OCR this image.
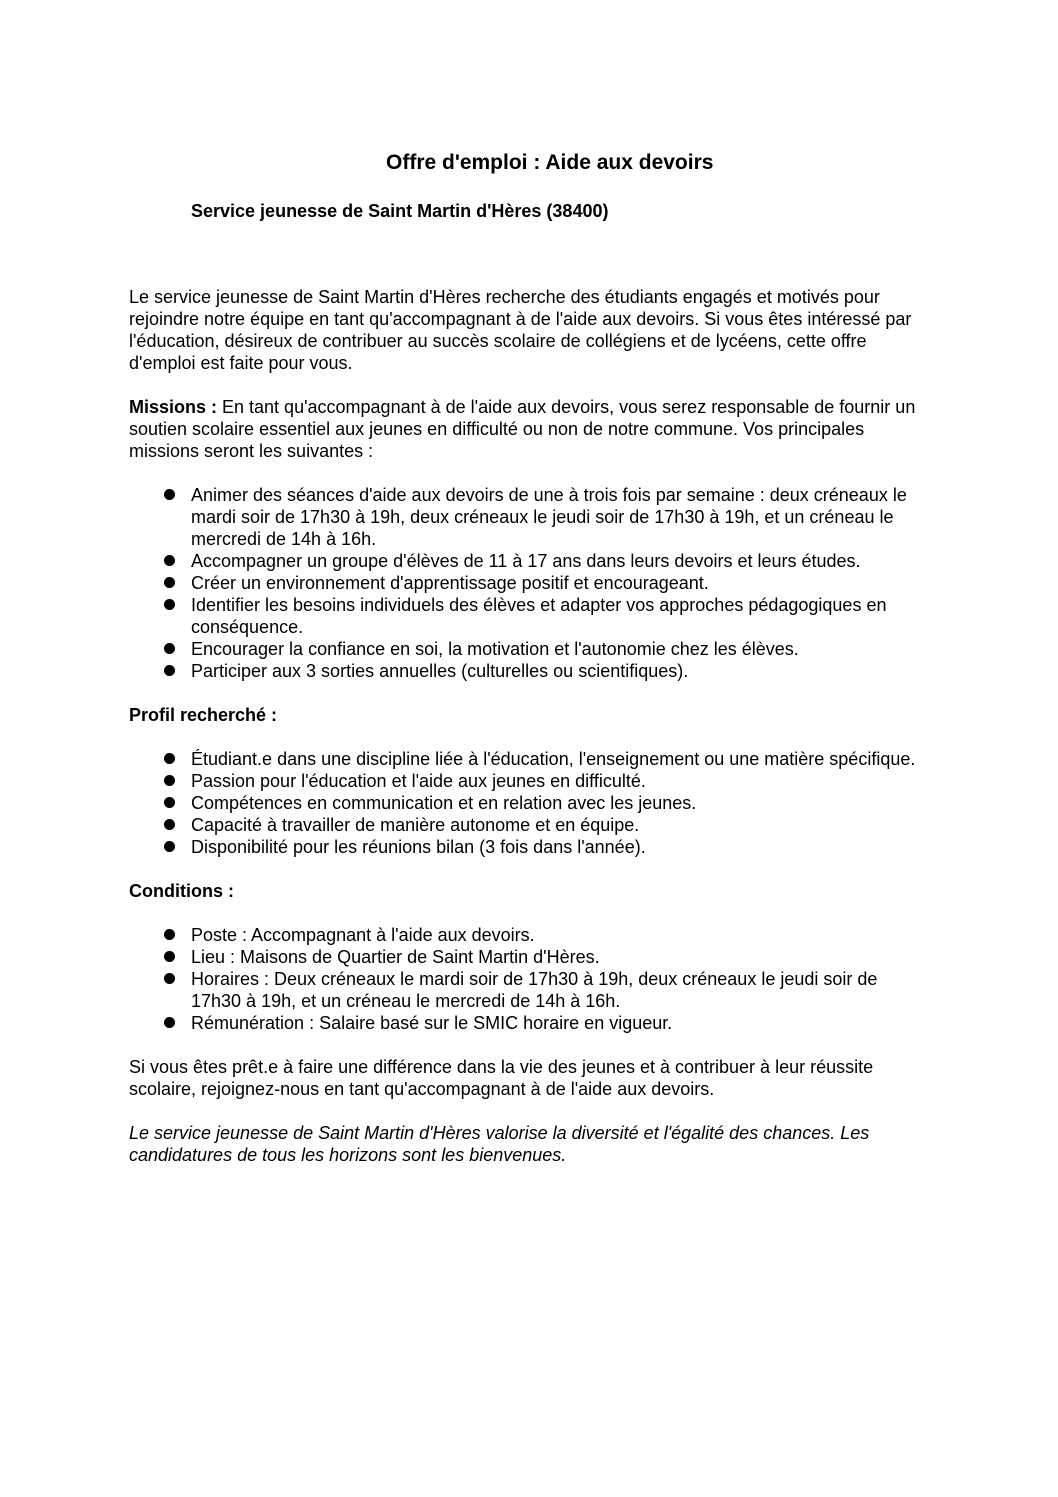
Offre d'emploi : Aide aux devoirs
Service jeunesse de Saint Martin d'Hères (38400)

Le service jeunesse de Saint Martin d'Hères recherche des étudiants engagés et motivés pour rejoindre notre équipe en tant qu'accompagnant à de l'aide aux devoirs. Si vous êtes intéressé par l'éducation, désireux de contribuer au succès scolaire de collégiens et de lycéens, cette offre d'emploi est faite pour vous.

Missions : En tant qu'accompagnant à de l'aide aux devoirs, vous serez responsable de fournir un soutien scolaire essentiel aux jeunes en difficulté ou non de notre commune. Vos principales missions seront les suivantes :

Animer des séances d'aide aux devoirs de une à trois fois par semaine : deux créneaux le mardi soir de 17h30 à 19h, deux créneaux le jeudi soir de 17h30 à 19h, et un créneau le mercredi de 14h à 16h.
Accompagner un groupe d'élèves de 11 à 17 ans dans leurs devoirs et leurs études.
Créer un environnement d'apprentissage positif et encourageant.
Identifier les besoins individuels des élèves et adapter vos approches pédagogiques en conséquence.
Encourager la confiance en soi, la motivation et l'autonomie chez les élèves.
Participer aux 3 sorties annuelles (culturelles ou scientifiques).

Profil recherché :

Étudiant.e dans une discipline liée à l'éducation, l'enseignement ou une matière spécifique.
Passion pour l'éducation et l'aide aux jeunes en difficulté.
Compétences en communication et en relation avec les jeunes.
Capacité à travailler de manière autonome et en équipe.
Disponibilité pour les réunions bilan (3 fois dans l'année).

Conditions :

Poste : Accompagnant à l'aide aux devoirs.
Lieu : Maisons de Quartier de Saint Martin d'Hères.
Horaires : Deux créneaux le mardi soir de 17h30 à 19h, deux créneaux le jeudi soir de 17h30 à 19h, et un créneau le mercredi de 14h à 16h.
Rémunération : Salaire basé sur le SMIC horaire en vigueur.

Si vous êtes prêt.e à faire une différence dans la vie des jeunes et à contribuer à leur réussite scolaire, rejoignez-nous en tant qu'accompagnant à de l'aide aux devoirs.

Le service jeunesse de Saint Martin d'Hères valorise la diversité et l'égalité des chances. Les candidatures de tous les horizons sont les bienvenues.
